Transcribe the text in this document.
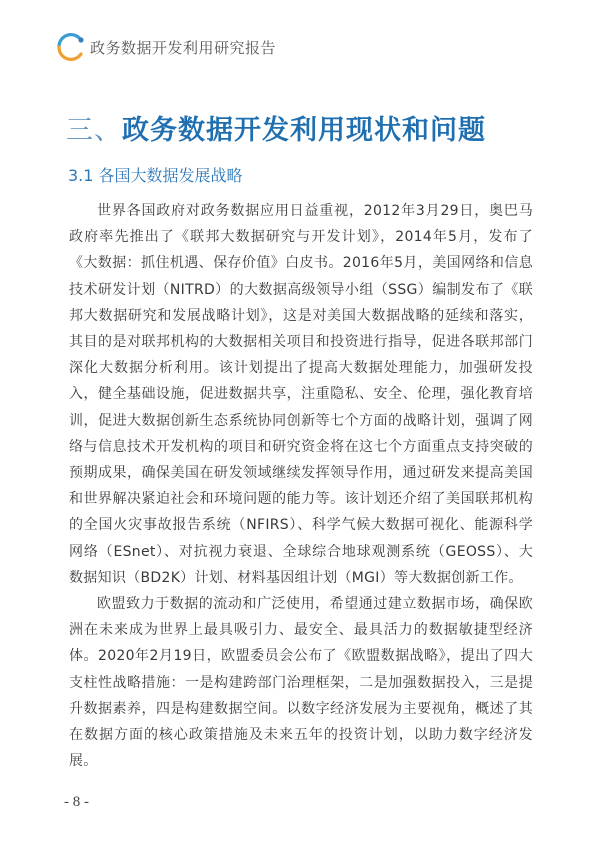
政务数据开发利用研究报告
三、政务数据开发利用现状和问题
3.1 各国大数据发展战略

世界各国政府对政务数据应用日益重视，2012年3月29日，奥巴马政府率先推出了《联邦大数据研究与开发计划》，2014年5月，发布了《大数据：抓住机遇、保存价值》白皮书。2016年5月，美国网络和信息技术研发计划（NITRD）的大数据高级领导小组（SSG）编制发布了《联邦大数据研究和发展战略计划》，这是对美国大数据战略的延续和落实，其目的是对联邦机构的大数据相关项目和投资进行指导，促进各联邦部门深化大数据分析利用。该计划提出了提高大数据处理能力，加强研发投入，健全基础设施，促进数据共享，注重隐私、安全、伦理，强化教育培训，促进大数据创新生态系统协同创新等七个方面的战略计划，强调了网络与信息技术开发机构的项目和研究资金将在这七个方面重点支持突破的预期成果，确保美国在研发领域继续发挥领导作用，通过研发来提高美国和世界解决紧迫社会和环境问题的能力等。该计划还介绍了美国联邦机构的全国火灾事故报告系统（NFIRS）、科学气候大数据可视化、能源科学网络（ESnet）、对抗视力衰退、全球综合地球观测系统（GEOSS）、大数据知识（BD2K）计划、材料基因组计划（MGI）等大数据创新工作。

欧盟致力于数据的流动和广泛使用，希望通过建立数据市场，确保欧洲在未来成为世界上最具吸引力、最安全、最具活力的数据敏捷型经济体。2020年2月19日，欧盟委员会公布了《欧盟数据战略》，提出了四大支柱性战略措施：一是构建跨部门治理框架，二是加强数据投入，三是提升数据素养，四是构建数据空间。以数字经济发展为主要视角，概述了其在数据方面的核心政策措施及未来五年的投资计划，以助力数字经济发展。

- 8 -
